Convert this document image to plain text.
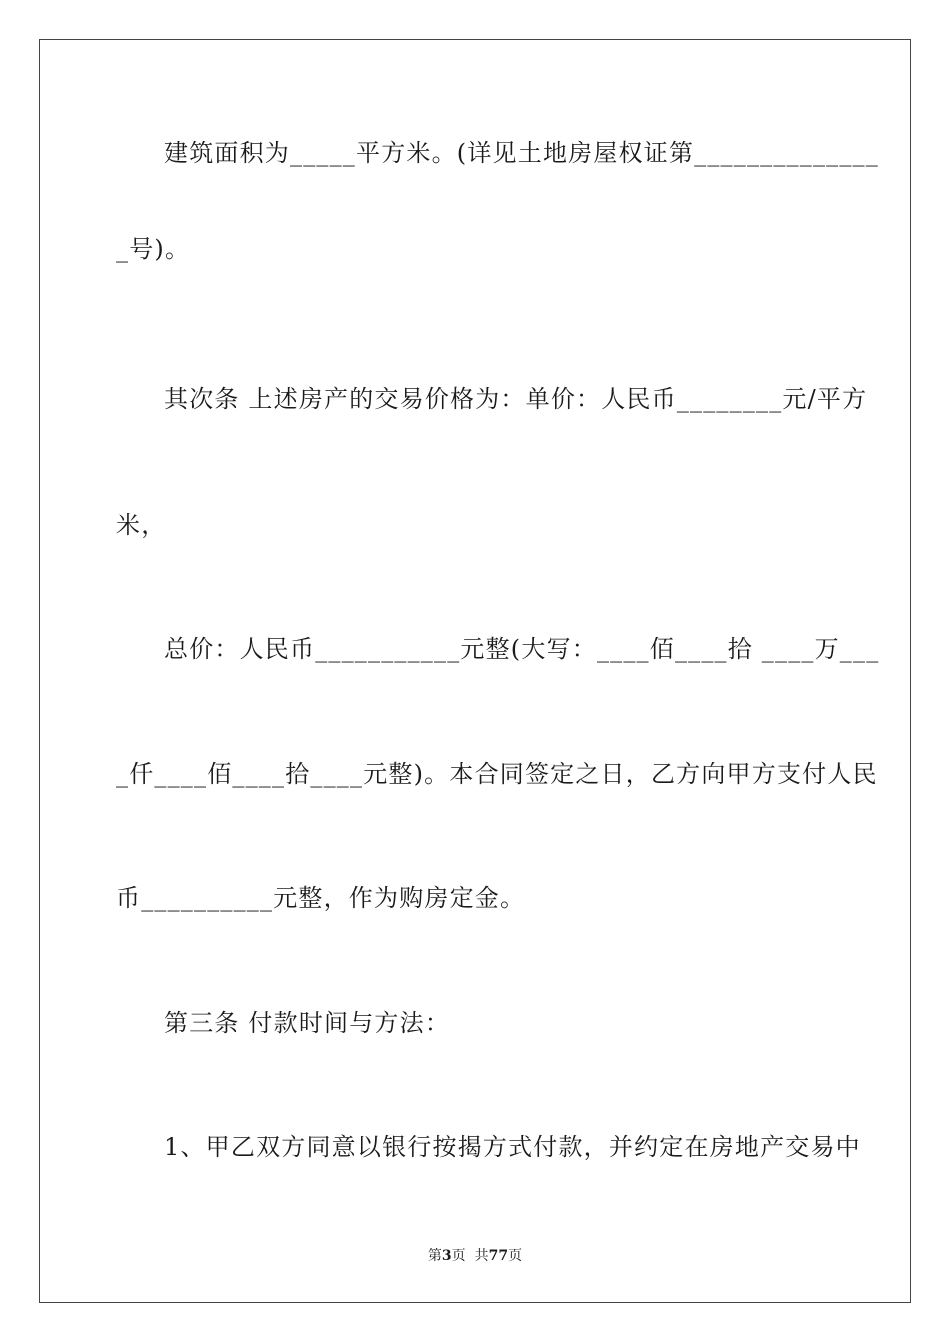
建筑面积为_____平方米。(详见土地房屋权证第______________
_号)。
其次条 上述房产的交易价格为：单价：人民币________元/平方
米，
总价：人民币___________元整(大写：____佰____拾 ____万___
_仟____佰____拾____元整)。本合同签定之日，乙方向甲方支付人民
币__________元整，作为购房定金。
第三条 付款时间与方法：
1、甲乙双方同意以银行按揭方式付款，并约定在房地产交易中
第3页  共77页
